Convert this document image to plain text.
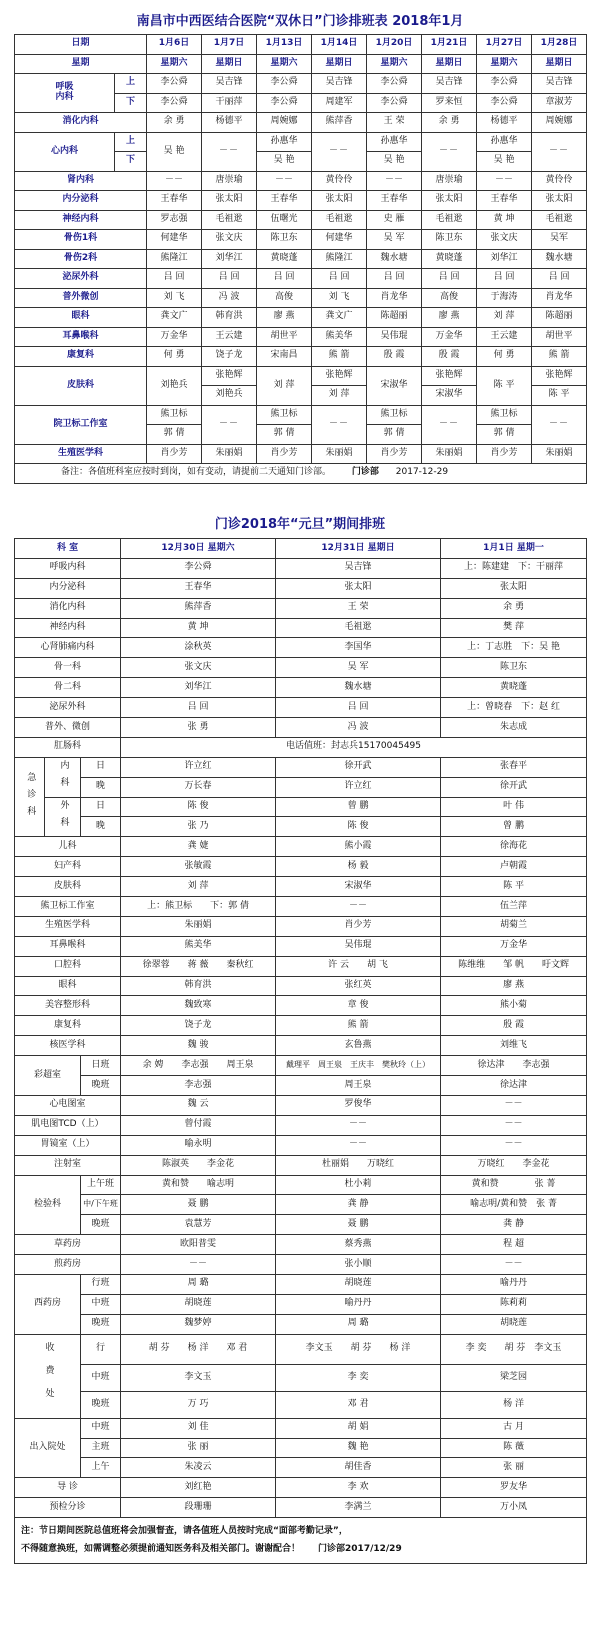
南昌市中西医结合医院“双休日”门诊排班表 2018年1月
日期		1月6日	1月7日	1月13日	1月14日	1月20日	1月21日	1月27日	1月28日
星期		星期六	星期日	星期六	星期日	星期六	星期日	星期六	星期日

呼吸
内科	上	李公舜	吴吉锋	李公舜	吴吉锋	李公舜	吴吉锋	李公舜	吴吉锋
	下	李公舜	干丽萍	李公舜	周建军	李公舜	罗来恒	李公舜	章淑芳
消化内科		余 勇	杨德平	周婉娜	熊萍香	王 荣	余 勇	杨德平	周婉娜
心内科	上	吴 艳	－－	孙惠华	－－	孙惠华	－－	孙惠华	－－
	下			吴 艳		吴 艳		吴 艳	
肾内科		－－	唐崇瑜	－－	黄伶伶	－－	唐崇瑜	－－	黄伶伶
内分泌科		王春华	张太阳	王春华	张太阳	王春华	张太阳	王春华	张太阳
神经内科		罗志强	毛祖逖	伍曙光	毛祖逖	史 雁	毛祖逖	黄 坤	毛祖逖
骨伤1科		何建华	张文庆	陈卫东	何建华	吴 军	陈卫东	张文庆	吴军
骨伤2科		熊隆江	刘华江	黄晓蓬	熊隆江	魏水塘	黄晓蓬	刘华江	魏水塘
泌尿外科		吕 回	吕 回	吕 回	吕 回	吕 回	吕 回	吕 回	吕 回
普外微创		刘 飞	冯 波	高俊	刘 飞	肖龙华	高俊	于海涛	肖龙华
眼科		龚文广	韩育洪	廖 燕	龚文广	陈超丽	廖 燕	刘 萍	陈超丽
耳鼻喉科		万金华	王云建	胡世平	熊美华	吴伟琨	万金华	王云建	胡世平
康复科		何 勇	饶子龙	宋南昌	熊 箭	殷 霞	殷 霞	何 勇	熊 箭
皮肤科		刘艳兵	张艳辉	刘 萍	张艳辉	宋淑华	张艳辉	陈 平	张艳辉
			刘艳兵		刘 萍		宋淑华		陈 平
院卫标工作室		熊卫标	－－	熊卫标	－－	熊卫标	－－	熊卫标	－－
		郭 倩		郭 倩		郭 倩		郭 倩	
生殖医学科		肖少芳	朱丽娟	肖少芳	朱丽娟	肖少芳	朱丽娟	肖少芳	朱丽娟
备注：各值班科室应按时到岗，如有变动，请提前二天通知门诊部。 门诊部 2017-12-29									
门诊2018年“元旦”期间排班
科 室			12月30日 星期六	12月31日 星期日	1月1日 星期一
呼吸内科			李公舜	吴吉锋	上：陈建建　 下：干丽萍
内分泌科			王春华	张太阳	张太阳
消化内科			熊萍香	王 荣	余 勇
神经内科			黄 坤	毛祖逖	樊 萍
心肾肺痛内科			涂秋英	李国华	上：丁志胜　 下：吴 艳
骨一科			张文庆	吴 军	陈卫东
骨二科			刘华江	魏水塘	黄晓蓬
泌尿外科			吕 回	吕 回	上：曾晓春　 下：赵 红
普外、微创			张 勇	冯 波	朱志成
肛肠科			电话值班：封志兵15170045495		

急诊科	内科	日	许立红	徐开武	张春平
		晚	万长春	许立红	徐开武

	外科	日	陈 俊	曾 鹏	叶 伟
		晚	张 乃	陈 俊	曾 鹏
儿科			龚 婕	熊小霞	徐海花
妇产科			张敏霞	杨 毅	卢朝霞
皮肤科			刘 萍	宋淑华	陈 平
熊卫标工作室			上：熊卫标　　 下：郭 倩	－－	伍兰萍
生殖医学科			朱丽娟	肖少芳	胡菊兰
耳鼻喉科			熊美华	吴伟琨	万金华
口腔科			徐翠蓉　　蒋 薇　　秦秋红	许 云　　胡 飞	陈维维　　邹 帆　　吁文辉
眼科			韩育洪	张红英	廖 燕
美容整形科			魏致寒	章 俊	熊小菊
康复科			饶子龙	熊 箭	殷 霞
核医学科			魏 骏	玄鲁燕	刘维飞
彩超室		日班	余 娉　　李志强　　周王泉	戴理平　周王泉　王庆丰　樊秋玲（上）	徐达津　　李志强
		晚班	李志强	周王泉	徐达津
心电图室			魏 云	罗俊华	－－
肌电图TCD（上）			曾付霞	－－	－－
胃镜室（上）			喻永明	－－	－－
注射室			陈淑英　　李金花	杜丽娟　　万晓红	万晓红　　李金花
检验科		上午班	黄和赞　　喻志明	杜小莉	黄和赞　　　　张 菁
		中/下午班	聂 鹏	龚 静	喻志明/黄和赞　张 菁
		晚班	袁慧芳	聂 鹏	龚 静
草药房			欧阳普雯	蔡秀燕	程 超
煎药房			－－	张小顺	－－
西药房		行班	周 璐	胡晓莲	喻丹丹
		中班	胡晓莲	喻丹丹	陈莉莉
		晚班	魏梦婷	周 璐	胡晓莲

收费处		行	胡 芬　　杨 洋　　邓 君	李文玉　　胡 芬　　杨 洋	李 奕　　胡 芬　李文玉
		中班	李文玉	李 奕	梁芝园
		晚班	万 巧	邓 君	杨 洋
出入院处		中班	刘 佳	胡 娟	古 月
		主班	张 丽	魏 艳	陈 薇
		上午	朱凌云	胡佳香	张 丽
导 诊			刘红艳	李 欢	罗友华
预检分诊			段珊珊	李满兰	万小凤

注：节日期间医院总值班将会加强督查，请各值班人员按时完成“面部考勤记录”，
不得随意换班，如需调整必须提前通知医务科及相关部门。谢谢配合！　　 门诊部2017/12/29					
